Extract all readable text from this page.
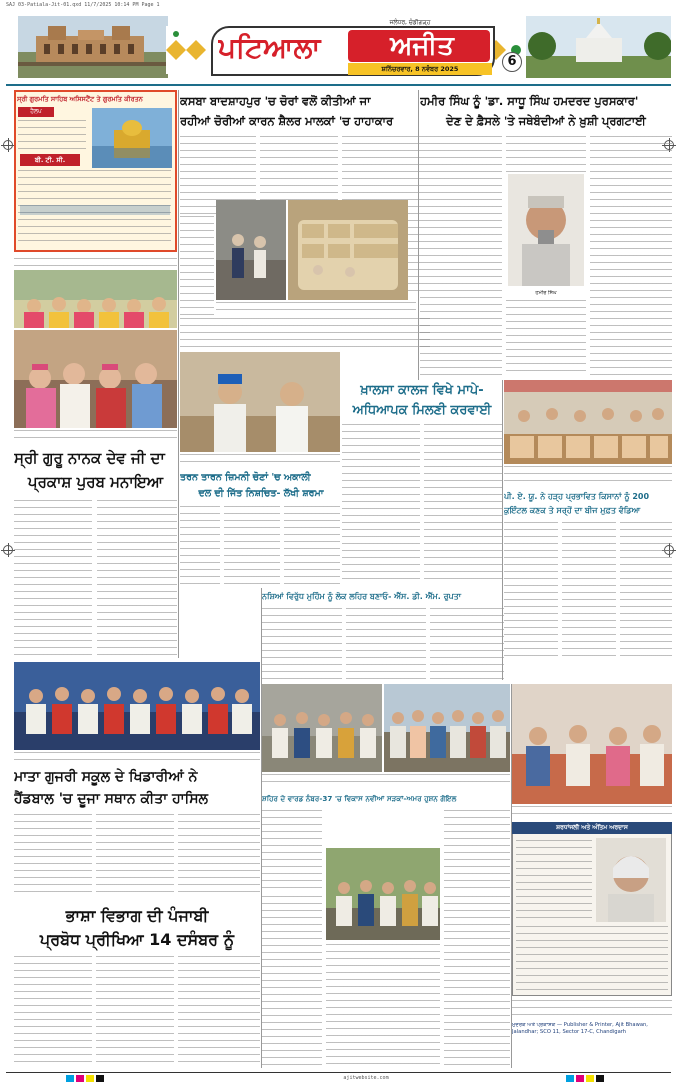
SAJ 03-Patiala-Jit-01.qxd 11/7/2025 10:14 PM Page 1
ਪਟਿਆਲਾ	ਅਜੀਤ
ਜਲੰਧਰ, ਚੰਡੀਗੜ੍ਹ
ਸ਼ਨਿੱਚਰਵਾਰ, 8 ਨਵੰਬਰ 2025	6
ਸ੍ਰੀ ਗੁਰਮਤਿ ਸਾਹਿਬ ਅਸਿਸਟੈਂਟ ਤੇ ਗੁਰਮਤਿ ਕੀਰਤਨ
ਹੈਲਪ
ਬੀ. ਟੀ. ਸੀ.
ਸ੍ਰੀ ਗੁਰੂ ਨਾਨਕ ਦੇਵ ਜੀ ਦਾ
ਪ੍ਰਕਾਸ਼ ਪੁਰਬ ਮਨਾਇਆ
ਕਸਬਾ ਬਾਦਸ਼ਾਹਪੁਰ 'ਚ ਚੋਰਾਂ ਵਲੋਂ ਕੀਤੀਆਂ ਜਾ
ਰਹੀਆਂ ਚੋਰੀਆਂ ਕਾਰਨ ਸ਼ੈਲਰ ਮਾਲਕਾਂ 'ਚ ਹਾਹਾਕਾਰ
ਤਰਨ ਤਾਰਨ ਜ਼ਿਮਨੀ ਚੋਣਾਂ 'ਚ ਅਕਾਲੀ
ਦਲ ਦੀ ਜਿੱਤ ਨਿਸ਼ਚਿਤ- ਲੱਖੀ ਸ਼ਰਮਾ
ਖ਼ਾਲਸਾ ਕਾਲਜ ਵਿਖੇ ਮਾਪੇ-
ਅਧਿਆਪਕ ਮਿਲਣੀ ਕਰਵਾਈ
ਹਮੀਰ ਸਿੰਘ ਨੂੰ 'ਡਾ. ਸਾਧੂ ਸਿੰਘ ਹਮਦਰਦ ਪੁਰਸਕਾਰ'
ਦੇਣ ਦੇ ਫ਼ੈਸਲੇ 'ਤੇ ਜਥੇਬੰਦੀਆਂ ਨੇ ਖ਼ੁਸ਼ੀ ਪ੍ਰਗਟਾਈ
ਹਮੀਰ ਸਿੰਘ
ਪੀ. ਏ. ਯੂ. ਨੇ ਹੜ੍ਹ ਪ੍ਰਭਾਵਿਤ ਕਿਸਾਨਾਂ ਨੂੰ 200
ਕੁਇੰਟਲ ਕਣਕ ਤੇ ਸਰ੍ਹੋਂ ਦਾ ਬੀਜ ਮੁਫ਼ਤ ਵੰਡਿਆ
ਨਸ਼ਿਆਂ ਵਿਰੁੱਧ ਮੁਹਿੰਮ ਨੂੰ ਲੋਕ ਲਹਿਰ ਬਣਾਓ- ਐੱਸ. ਡੀ. ਐੱਮ. ਰੁਪਤਾ
ਮਾਤਾ ਗੁਜਰੀ ਸਕੂਲ ਦੇ ਖਿਡਾਰੀਆਂ ਨੇ
ਹੈਂਡਬਾਲ 'ਚ ਦੂਜਾ ਸਥਾਨ ਕੀਤਾ ਹਾਸਿਲ
ਭਾਸ਼ਾ ਵਿਭਾਗ ਦੀ ਪੰਜਾਬੀ
ਪ੍ਰਬੋਧ ਪ੍ਰੀਖਿਆ 14 ਦਸੰਬਰ ਨੂੰ
ਸ਼ਹਿਰ ਦੇ ਵਾਰਡ ਨੰਬਰ-37 'ਚ ਵਿਕਾਸ ਨਵੀਆਂ ਸੜਕਾਂ-ਅਮਰ ਹੁਸ਼ਨ ਗੋਇਲ
ਸ਼ਰਧਾਂਜਲੀ ਅਤੇ ਅੰਤਿਮ ਅਰਦਾਸ
ਮੁਦਰਕ ਅਤੇ ਪ੍ਰਕਾਸ਼ਕ — Publisher & Printer, Ajit Bhawan, Jalandhar; SCO 11, Sector 17-C, Chandigarh
ajitwebsite.com
